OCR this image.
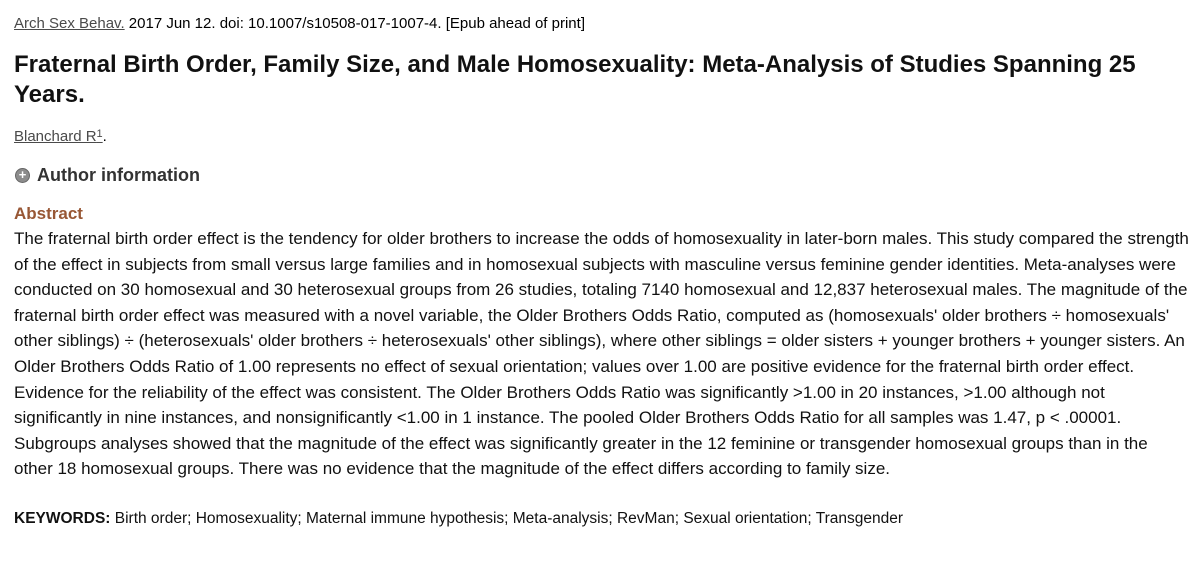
Arch Sex Behav. 2017 Jun 12. doi: 10.1007/s10508-017-1007-4. [Epub ahead of print]
Fraternal Birth Order, Family Size, and Male Homosexuality: Meta-Analysis of Studies Spanning 25 Years.
Blanchard $R^1$.
+ Author information
Abstract
The fraternal birth order effect is the tendency for older brothers to increase the odds of homosexuality in later-born males. This study compared the strength of the effect in subjects from small versus large families and in homosexual subjects with masculine versus feminine gender identities. Meta-analyses were conducted on 30 homosexual and 30 heterosexual groups from 26 studies, totaling 7140 homosexual and 12,837 heterosexual males. The magnitude of the fraternal birth order effect was measured with a novel variable, the Older Brothers Odds Ratio, computed as (homosexuals' older brothers ÷ homosexuals' other siblings) ÷ (heterosexuals' older brothers ÷ heterosexuals' other siblings), where other siblings = older sisters + younger brothers + younger sisters. An Older Brothers Odds Ratio of 1.00 represents no effect of sexual orientation; values over 1.00 are positive evidence for the fraternal birth order effect. Evidence for the reliability of the effect was consistent. The Older Brothers Odds Ratio was significantly >1.00 in 20 instances, >1.00 although not significantly in nine instances, and nonsignificantly <1.00 in 1 instance. The pooled Older Brothers Odds Ratio for all samples was 1.47, p < .00001. Subgroups analyses showed that the magnitude of the effect was significantly greater in the 12 feminine or transgender homosexual groups than in the other 18 homosexual groups. There was no evidence that the magnitude of the effect differs according to family size.
KEYWORDS: Birth order; Homosexuality; Maternal immune hypothesis; Meta-analysis; RevMan; Sexual orientation; Transgender
